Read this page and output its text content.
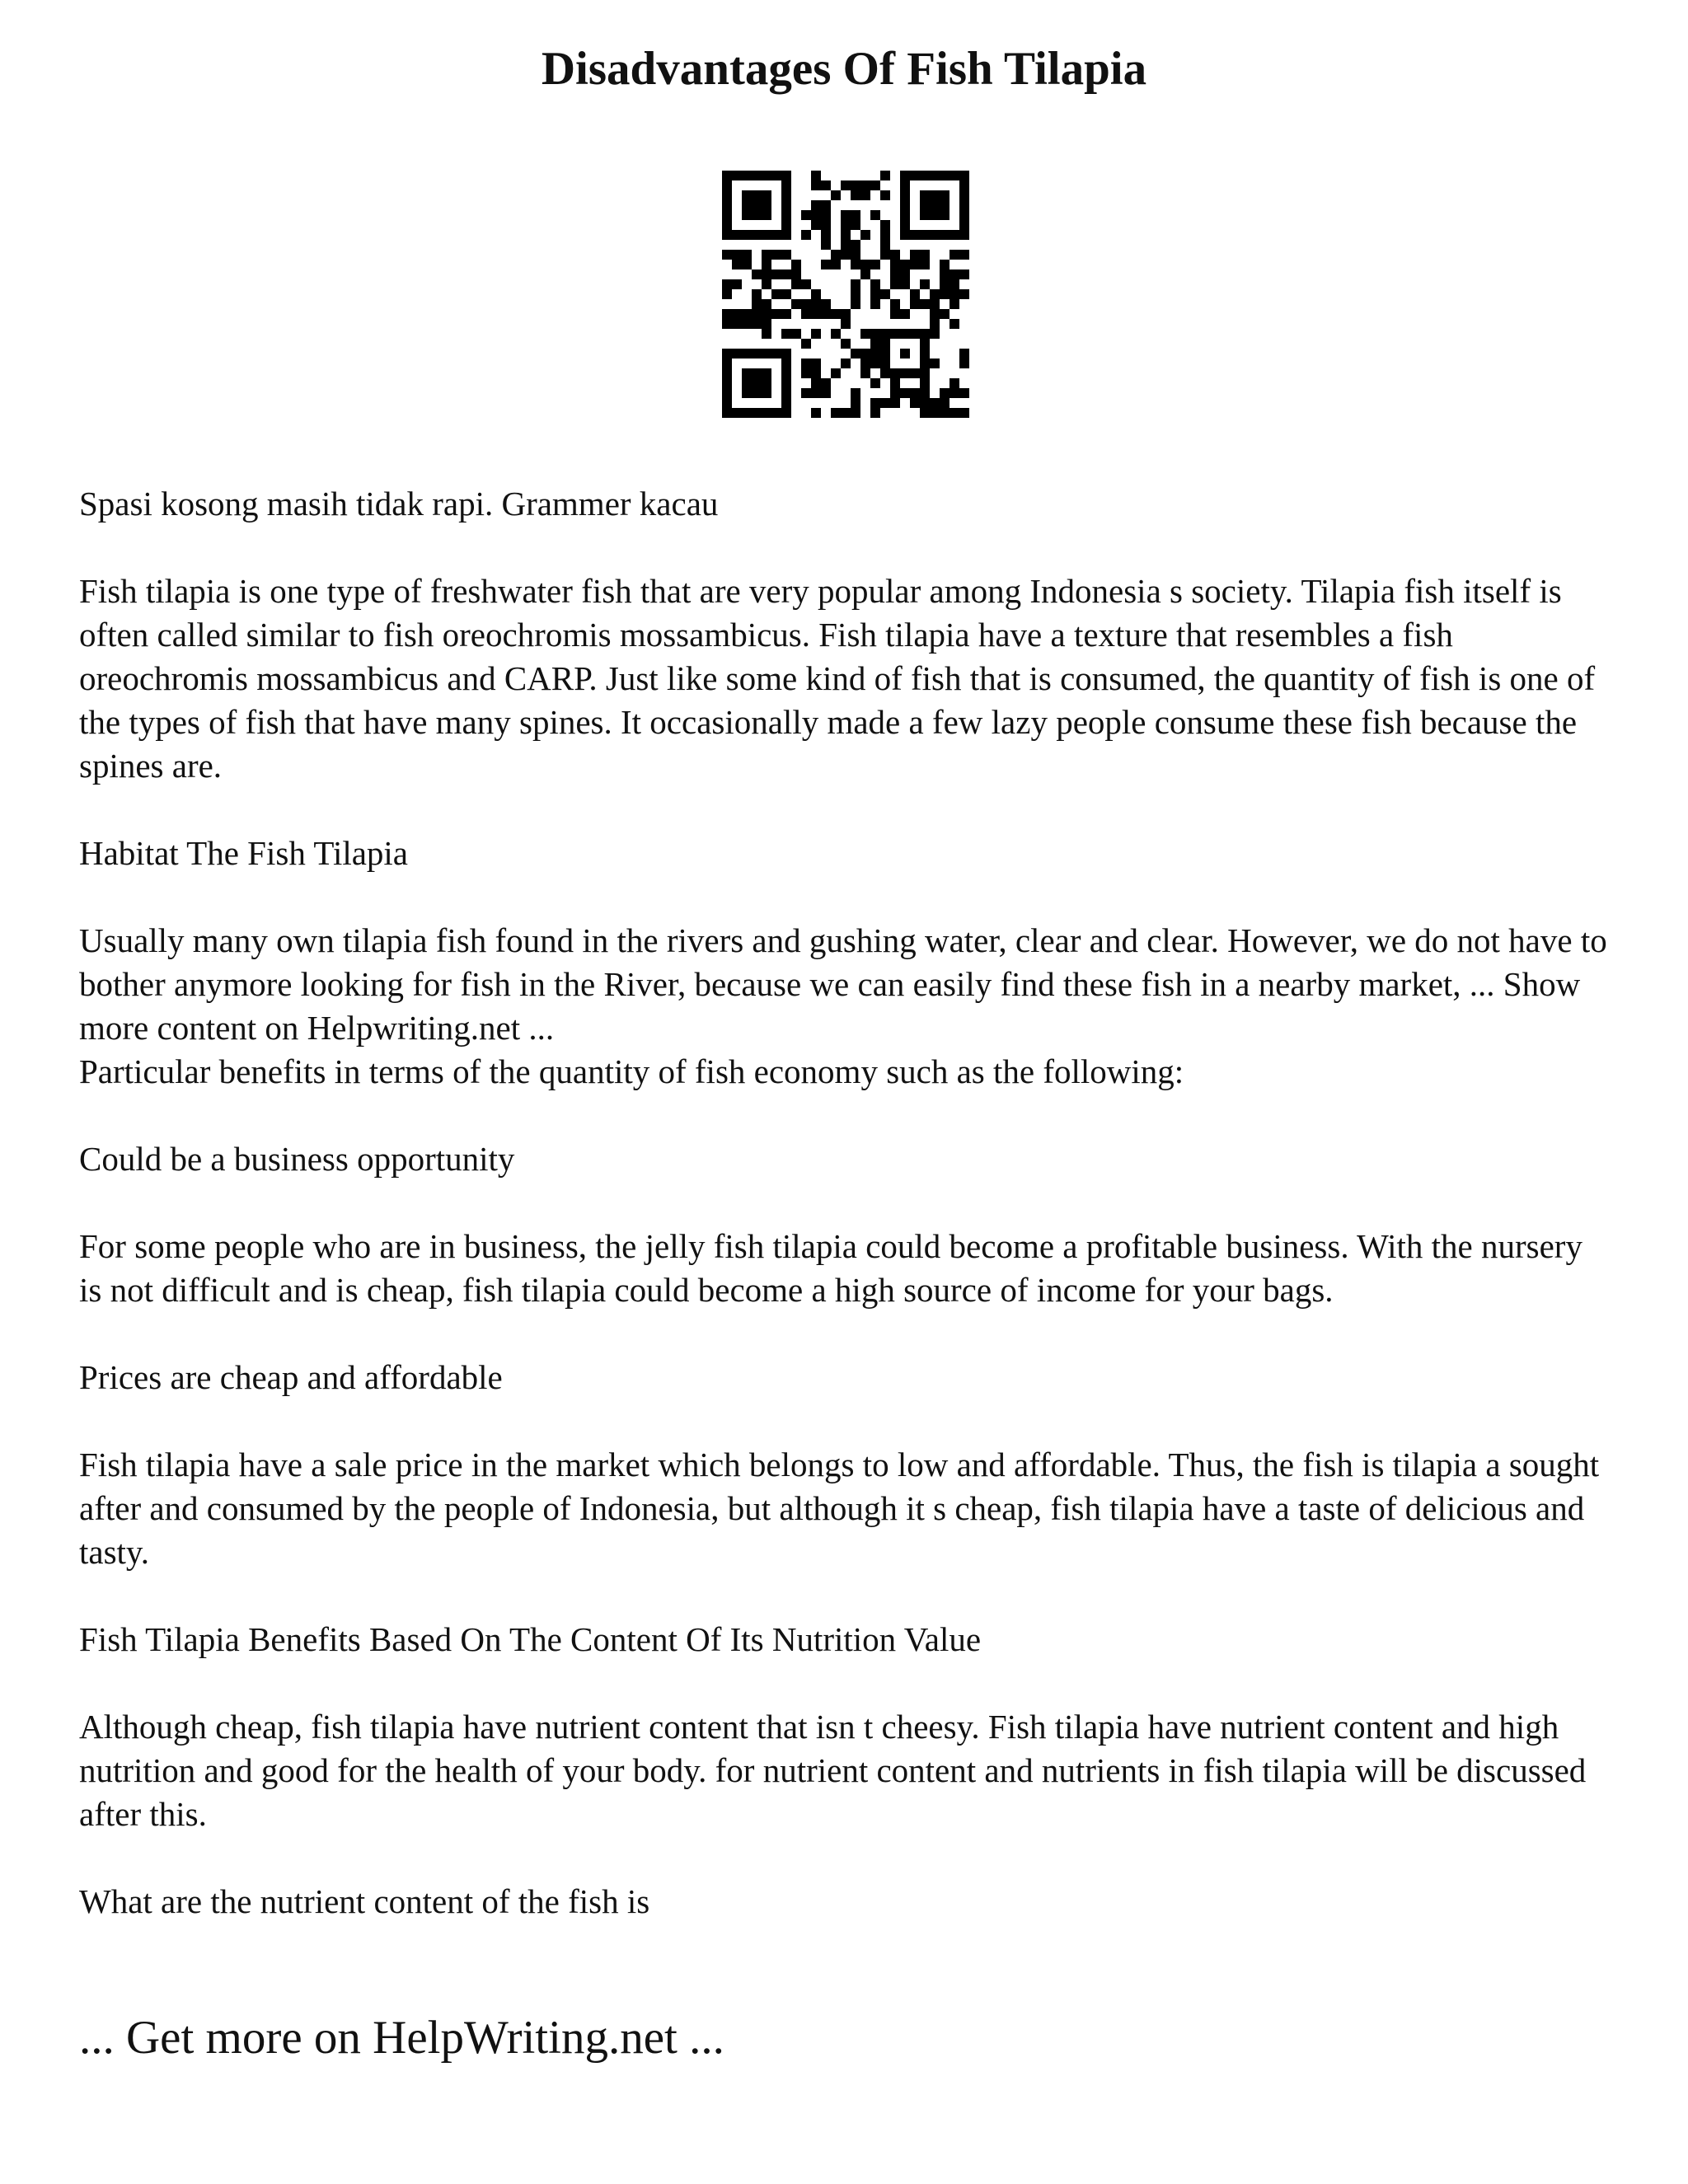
Disadvantages Of Fish Tilapia

Spasi kosong masih tidak rapi. Grammer kacau

Fish tilapia is one type of freshwater fish that are very popular among Indonesia s society. Tilapia fish itself is often called similar to fish oreochromis mossambicus. Fish tilapia have a texture that resembles a fish oreochromis mossambicus and CARP. Just like some kind of fish that is consumed, the quantity of fish is one of the types of fish that have many spines. It occasionally made a few lazy people consume these fish because the spines are.

Habitat The Fish Tilapia

Usually many own tilapia fish found in the rivers and gushing water, clear and clear. However, we do not have to bother anymore looking for fish in the River, because we can easily find these fish in a nearby market, ... Show more content on Helpwriting.net ...

Particular benefits in terms of the quantity of fish economy such as the following:

Could be a business opportunity

For some people who are in business, the jelly fish tilapia could become a profitable business. With the nursery is not difficult and is cheap, fish tilapia could become a high source of income for your bags.

Prices are cheap and affordable

Fish tilapia have a sale price in the market which belongs to low and affordable. Thus, the fish is tilapia a sought after and consumed by the people of Indonesia, but although it s cheap, fish tilapia have a taste of delicious and tasty.

Fish Tilapia Benefits Based On The Content Of Its Nutrition Value

Although cheap, fish tilapia have nutrient content that isn t cheesy. Fish tilapia have nutrient content and high nutrition and good for the health of your body. for nutrient content and nutrients in fish tilapia will be discussed after this.

What are the nutrient content of the fish is

... Get more on HelpWriting.net ...
